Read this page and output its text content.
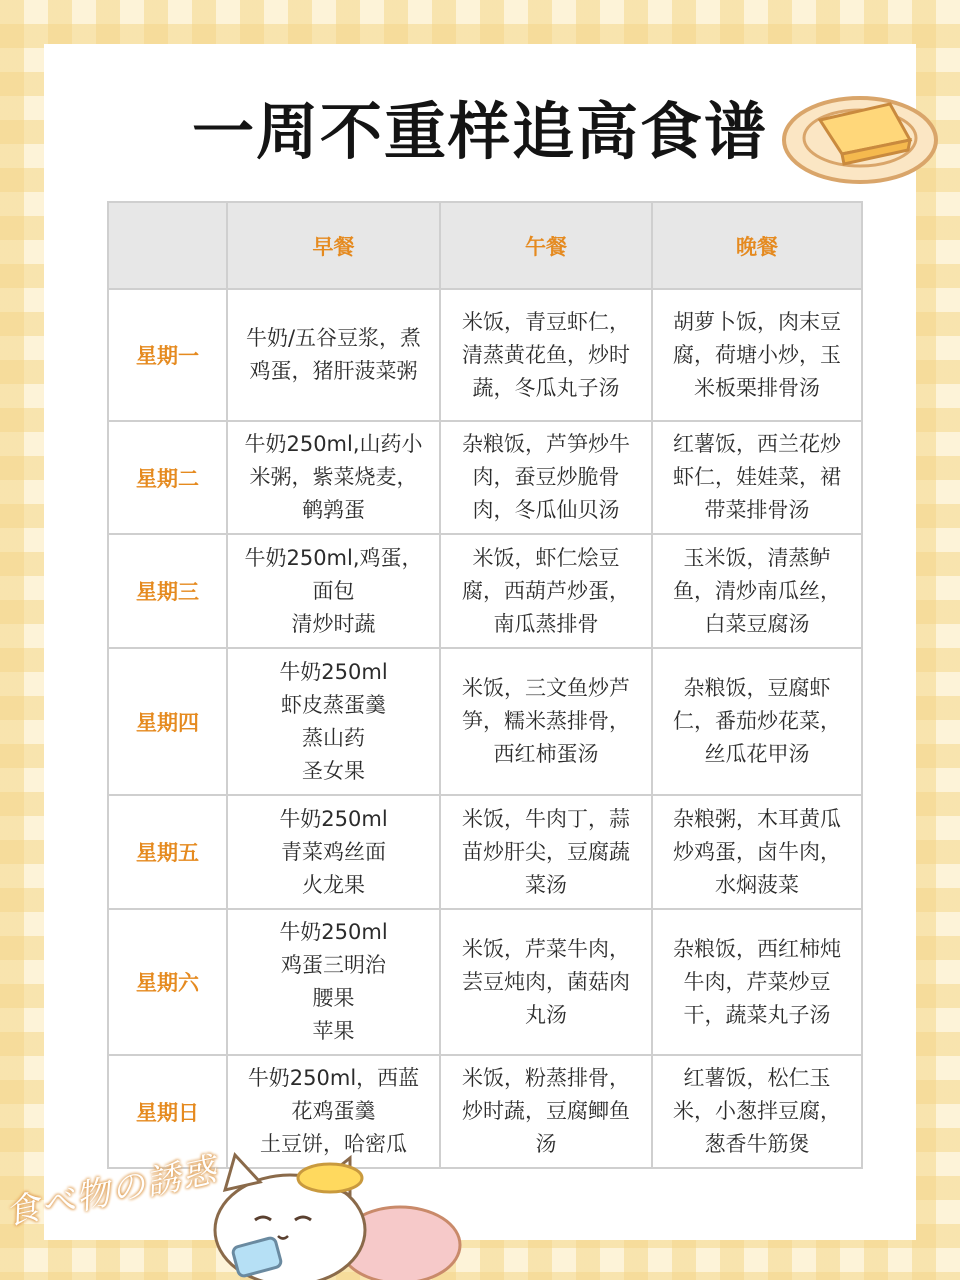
一周不重样追高食谱
	早餐	午餐	晚餐
星期一	牛奶/五谷豆浆，煮鸡蛋，猪肝菠菜粥	米饭，青豆虾仁，清蒸黄花鱼，炒时蔬，冬瓜丸子汤	胡萝卜饭，肉末豆腐，荷塘小炒，玉米板栗排骨汤
星期二	牛奶250ml,山药小米粥，紫菜烧麦，鹌鹑蛋	杂粮饭，芦笋炒牛肉，蚕豆炒脆骨肉，冬瓜仙贝汤	红薯饭，西兰花炒虾仁，娃娃菜，裙带菜排骨汤
星期三	牛奶250ml,鸡蛋，
面包
清炒时蔬	米饭，虾仁烩豆腐，西葫芦炒蛋，南瓜蒸排骨	玉米饭，清蒸鲈鱼，清炒南瓜丝，白菜豆腐汤
星期四	牛奶250ml
虾皮蒸蛋羹
蒸山药
圣女果	米饭，三文鱼炒芦笋，糯米蒸排骨，西红柿蛋汤	杂粮饭，豆腐虾仁，番茄炒花菜，丝瓜花甲汤
星期五	牛奶250ml
青菜鸡丝面
火龙果	米饭，牛肉丁，蒜苗炒肝尖，豆腐蔬菜汤	杂粮粥，木耳黄瓜炒鸡蛋，卤牛肉，水焖菠菜
星期六	牛奶250ml
鸡蛋三明治
腰果
苹果	米饭，芹菜牛肉，芸豆炖肉，菌菇肉丸汤	杂粮饭，西红柿炖牛肉，芹菜炒豆干，蔬菜丸子汤
星期日	牛奶250ml，西蓝花鸡蛋羹
土豆饼，哈密瓜	米饭，粉蒸排骨，炒时蔬，豆腐鲫鱼汤	红薯饭，松仁玉米，小葱拌豆腐，葱香牛筋煲
食べ物の誘惑
